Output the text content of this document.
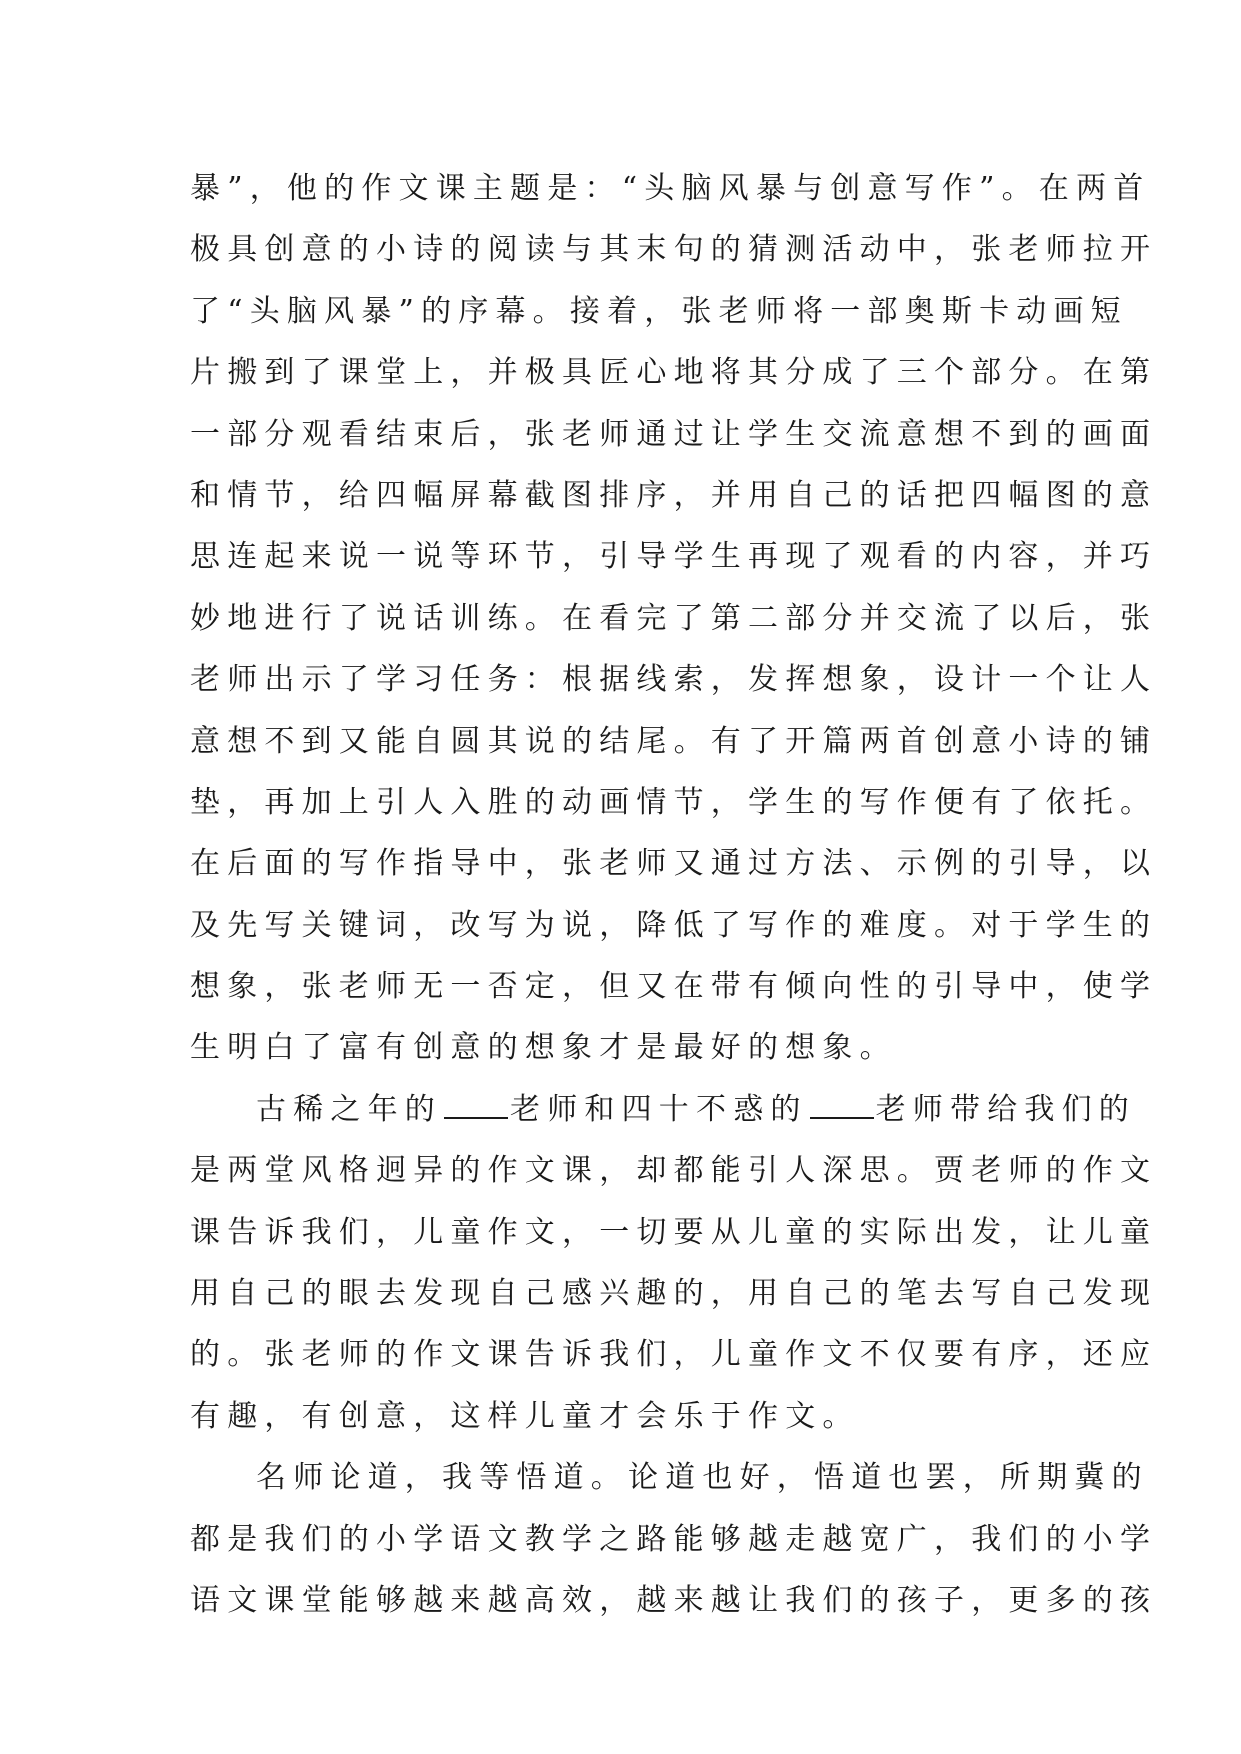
暴”，他的作文课主题是：“头脑风暴与创意写作”。在两首
极具创意的小诗的阅读与其末句的猜测活动中，张老师拉开
了“头脑风暴”的序幕。接着，张老师将一部奥斯卡动画短
片搬到了课堂上，并极具匠心地将其分成了三个部分。在第
一部分观看结束后，张老师通过让学生交流意想不到的画面
和情节，给四幅屏幕截图排序，并用自己的话把四幅图的意
思连起来说一说等环节，引导学生再现了观看的内容，并巧
妙地进行了说话训练。在看完了第二部分并交流了以后，张
老师出示了学习任务：根据线索，发挥想象，设计一个让人
意想不到又能自圆其说的结尾。有了开篇两首创意小诗的铺
垫，再加上引人入胜的动画情节，学生的写作便有了依托。
在后面的写作指导中，张老师又通过方法、示例的引导，以
及先写关键词，改写为说，降低了写作的难度。对于学生的
想象，张老师无一否定，但又在带有倾向性的引导中，使学
生明白了富有创意的想象才是最好的想象。
古稀之年的 老师和四十不惑的 老师带给我们的
是两堂风格迥异的作文课，却都能引人深思。贾老师的作文
课告诉我们，儿童作文，一切要从儿童的实际出发，让儿童
用自己的眼去发现自己感兴趣的，用自己的笔去写自己发现
的。张老师的作文课告诉我们，儿童作文不仅要有序，还应
有趣，有创意，这样儿童才会乐于作文。
名师论道，我等悟道。论道也好，悟道也罢，所期冀的
都是我们的小学语文教学之路能够越走越宽广，我们的小学
语文课堂能够越来越高效，越来越让我们的孩子，更多的孩
